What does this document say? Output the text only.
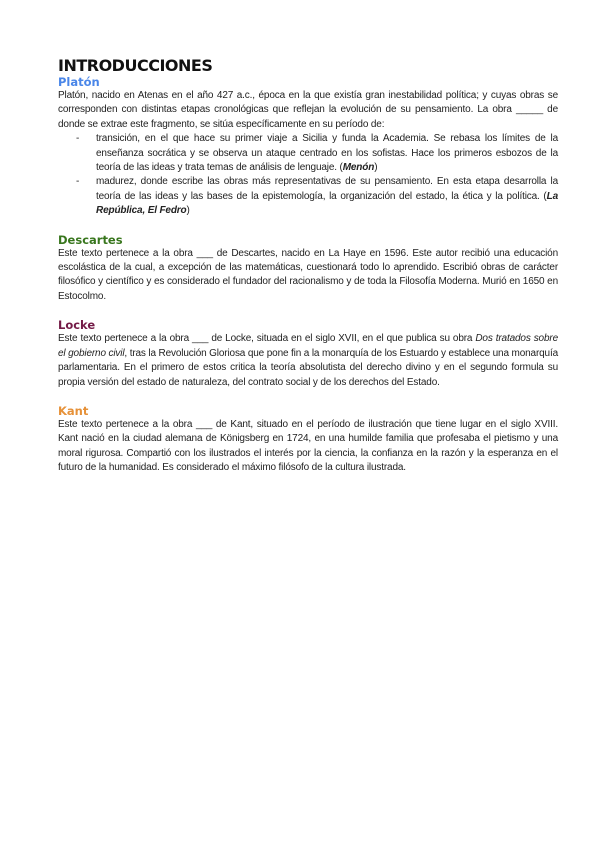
INTRODUCCIONES
Platón

Platón, nacido en Atenas en el año 427 a.c., época en la que existía gran inestabilidad política; y cuyas obras se corresponden con distintas etapas cronológicas que reflejan la evolución de su pensamiento. La obra _____ de donde se extrae este fragmento, se sitúa específicamente en su período de:

- transición, en el que hace su primer viaje a Sicilia y funda la Academia. Se rebasa los límites de la enseñanza socrática y se observa un ataque centrado en los sofistas. Hace los primeros esbozos de la teoría de las ideas y trata temas de análisis de lenguaje. (Menón)
- madurez, donde escribe las obras más representativas de su pensamiento. En esta etapa desarrolla la teoría de las ideas y las bases de la epistemología, la organización del estado, la ética y la política. (La República, El Fedro)
Descartes

Este texto pertenece a la obra ___ de Descartes, nacido en La Haye en 1596. Este autor recibió una educación escolástica de la cual, a excepción de las matemáticas, cuestionará todo lo aprendido. Escribió obras de carácter filosófico y científico y es considerado el fundador del racionalismo y de toda la Filosofía Moderna. Murió en 1650 en Estocolmo.

Locke

Este texto pertenece a la obra ___ de Locke, situada en el siglo XVII, en el que publica su obra Dos tratados sobre el gobierno civil, tras la Revolución Gloriosa que pone fin a la monarquía de los Estuardo y establece una monarquía parlamentaria. En el primero de estos critica la teoría absolutista del derecho divino y en el segundo formula su propia versión del estado de naturaleza, del contrato social y de los derechos del Estado.

Kant

Este texto pertenece a la obra ___ de Kant, situado en el período de ilustración que tiene lugar en el siglo XVIII. Kant nació en la ciudad alemana de Königsberg en 1724, en una humilde familia que profesaba el pietismo y una moral rigurosa. Compartió con los ilustrados el interés por la ciencia, la confianza en la razón y la esperanza en el futuro de la humanidad. Es considerado el máximo filósofo de la cultura ilustrada.
